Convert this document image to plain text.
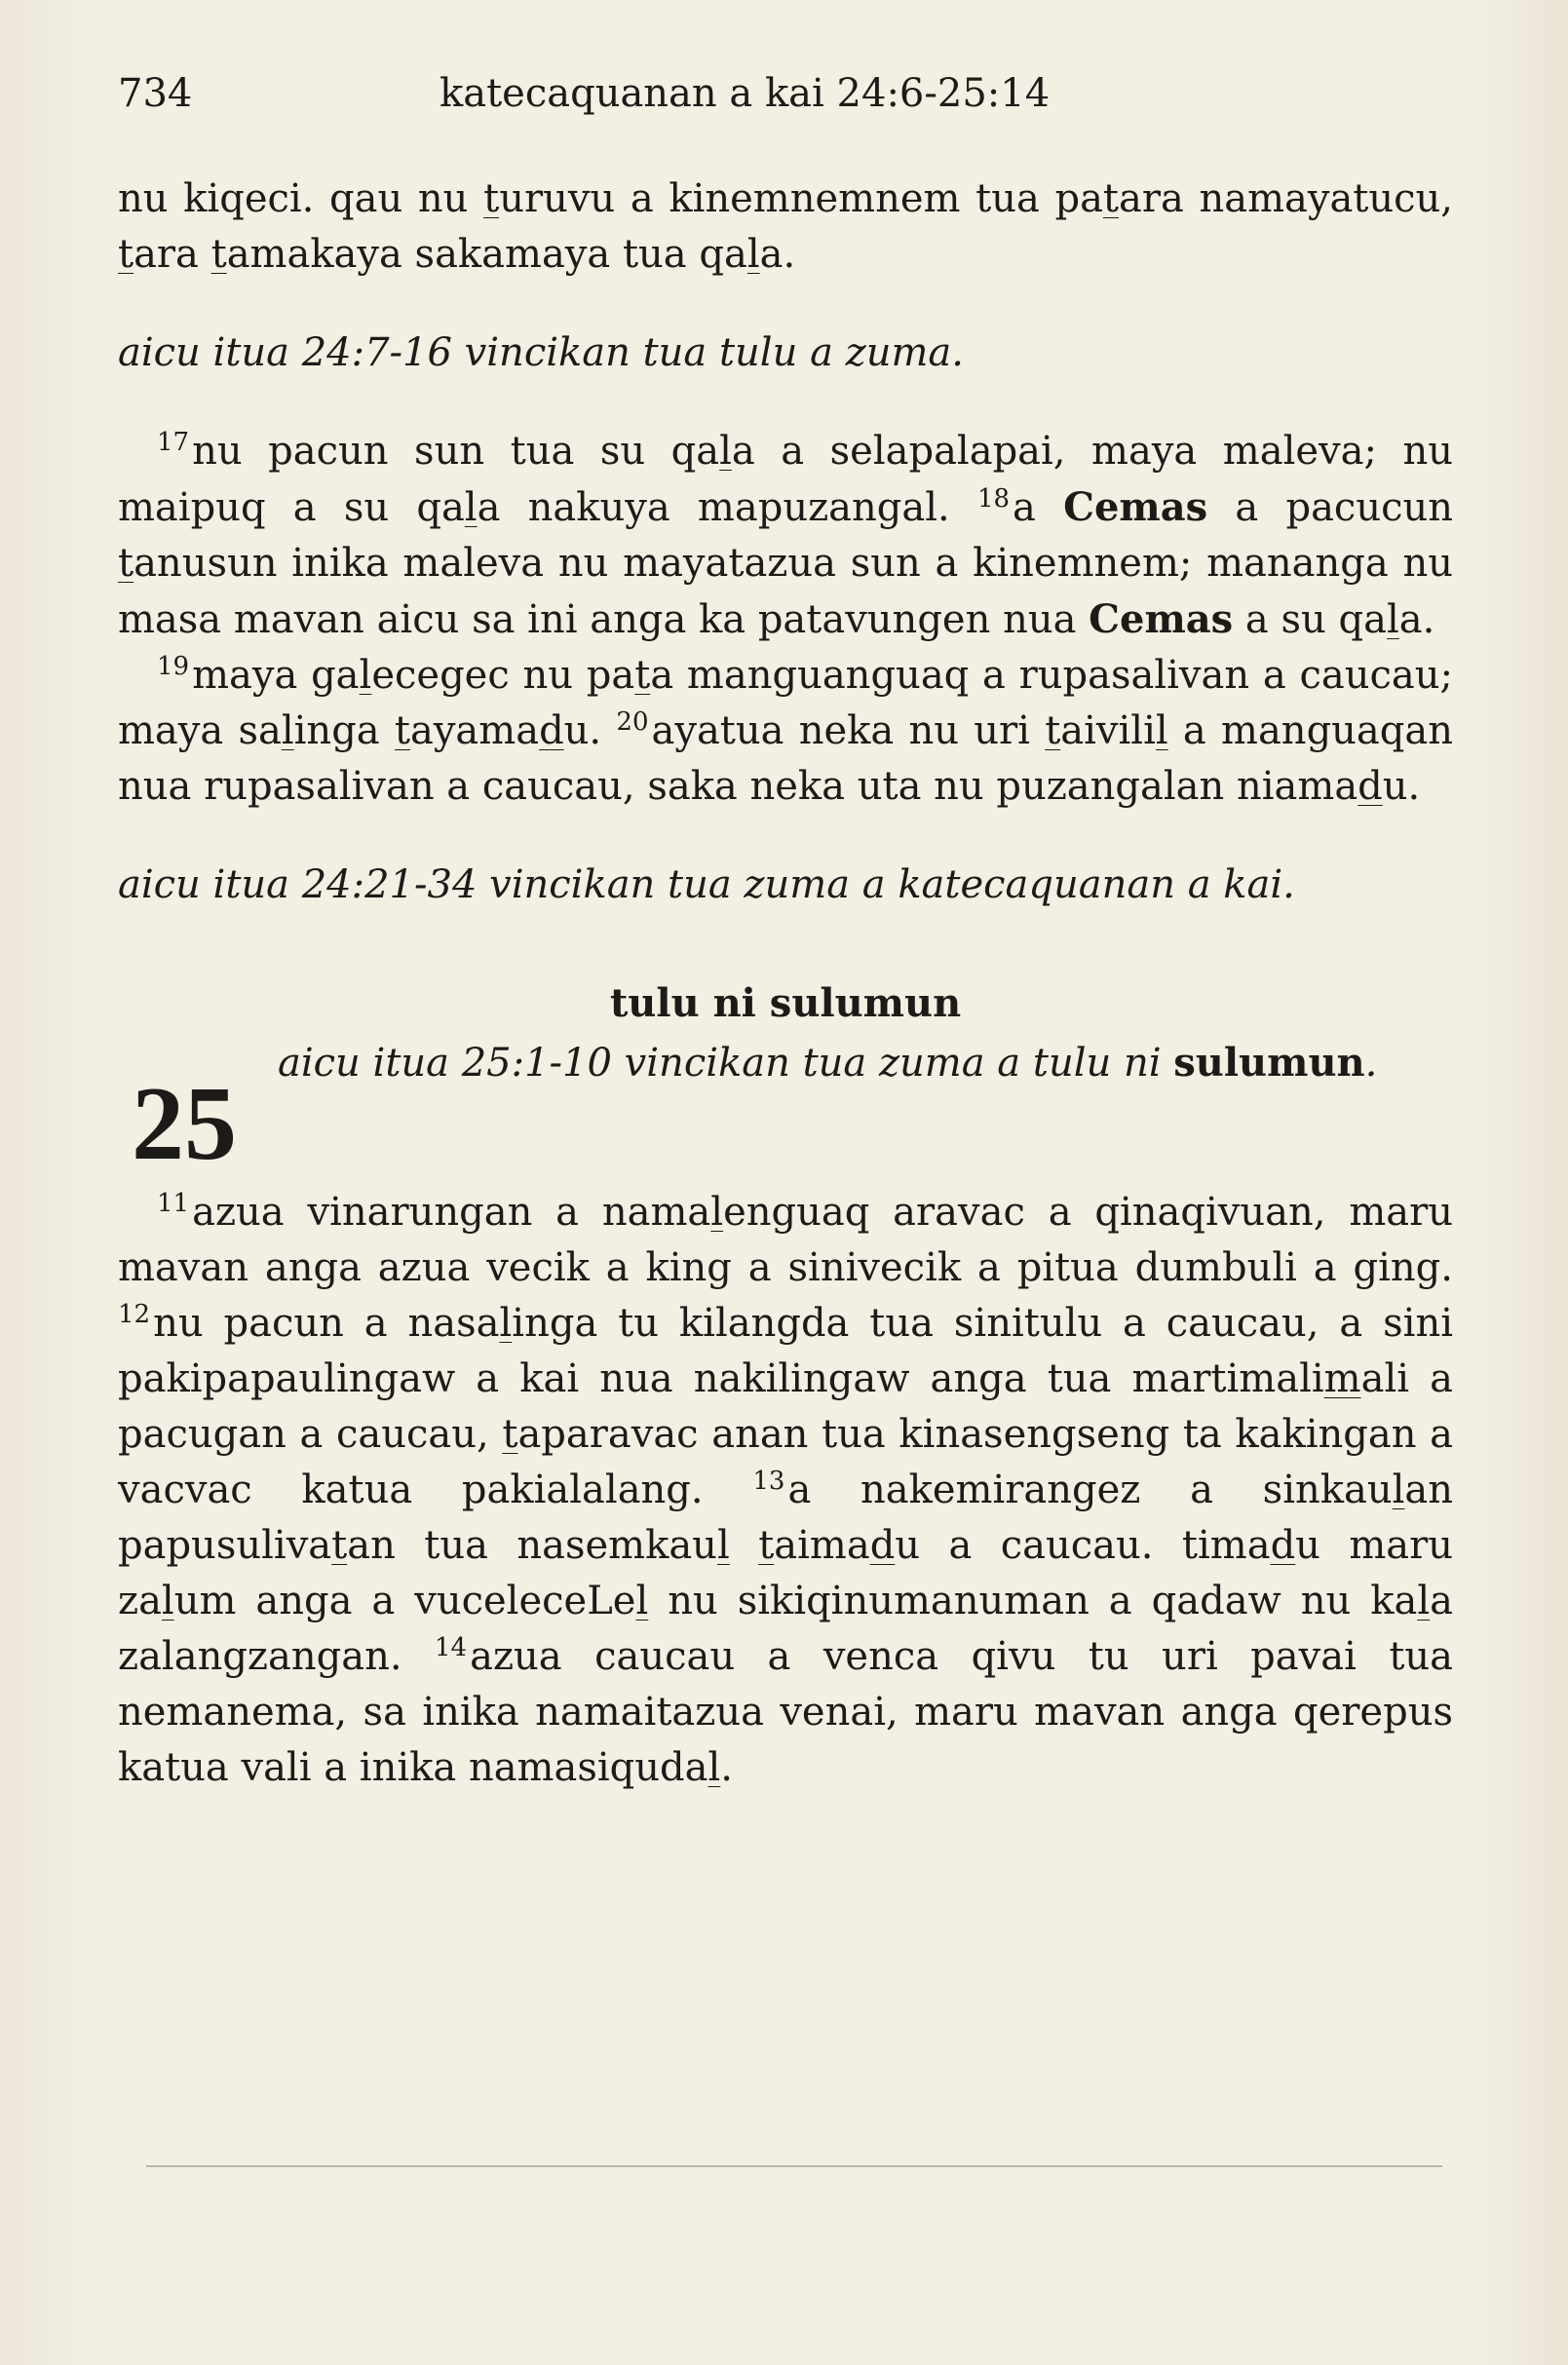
734	katecaquanan a kai 24:6-25:14

nu kiqeci. qau nu turuvu a kinemnemnem tua patara namayatucu, tara tamakaya sakamaya tua qala.

aicu itua 24:7-16 vincikan tua tulu a zuma.

$^{17}$nu pacun sun tua su qala a selapalapai, maya maleva; nu maipuq a su qala nakuya mapuzangal. $^{18}$a Cemas a pacucun tanusun inika maleva nu mayatazua sun a kinemnem; mananga nu masa mavan aicu sa ini anga ka patavungen nua Cemas a su qala.

$^{19}$maya galecegec nu pata manguanguaq a rupasalivan a caucau; maya salinga tayamadu. $^{20}$ayatua neka nu uri taivilil a manguaqan nua rupasalivan a caucau, saka neka uta nu puzangalan niamadu.

aicu itua 24:21-34 vincikan tua zuma a katecaquanan a kai.

tulu ni sulumun

25

aicu itua 25:1-10 vincikan tua zuma a tulu ni sulumun.

$^{11}$azua vinarungan a namalenguaq aravac a qinaqivuan, maru mavan anga azua vecik a king a sinivecik a pitua dumbuli a ging. $^{12}$nu pacun a nasalinga tu kilangda tua sinitulu a caucau, a sini pakipapaulingaw a kai nua nakilingaw anga tua martimalimali a pacugan a caucau, taparavac anan tua kinasengseng ta kakingan a vacvac katua pakialalang. $^{13}$a nakemirangez a sinkaulan papusulivatan tua nasemkaul taimadu a caucau. timadu maru zalum anga a vuceleceLel nu sikiqinumanuman a qadaw nu kala zalangzangan. $^{14}$azua caucau a venca qivu tu uri pavai tua nemanema, sa inika namaitazua venai, maru mavan anga qerepus katua vali a inika namasiqudal.
